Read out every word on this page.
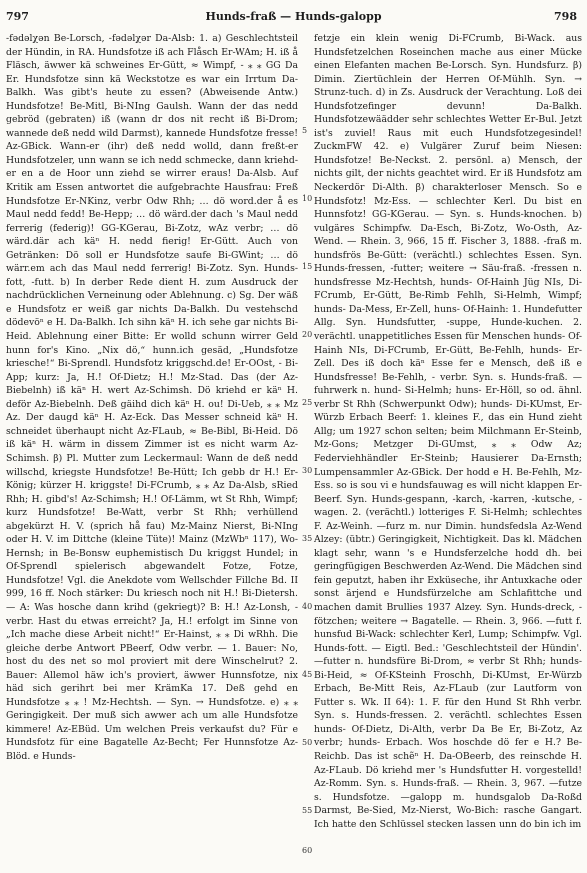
797	Hunds-fraß — Hunds-galopp	798

-fədəlχən Be-Lorsch, -fədəlχər Da-Alsb: 1. a) Geschlechtsteil der Hündin, in RA. Hundsfotze iß ach Flåsch Er-WAm; H. iß å Fläsch, äwwer kä schweines Er-Gütt, ≈ Wimpf, - ⁎ ⁎ GG Da Er. Hundsfotze sinn kä Weckstotze es war ein Irrtum Da-Balkh. Was gibt's heute zu essen? (Abweisende Antw.) Hundsfotze! Be-Mitl, Bi-NIng Gaulsh. Wann der das nedd gebröd (gebraten) iß (wann dr dos nit recht iß Bi-Drom; wannede deß nedd wild Darmst), kannede Hundsfotze fresse! Az-GBick. Wann-er (ihr) deß nedd wolld, dann freßt-er Hundsfotzeler, unn wann se ich nedd schmecke, dann kriehd-er en a de Hoor unn ziehd se wirrer eraus! Da-Alsb. Auf Kritik am Essen antwortet die aufgebrachte Hausfrau: Freß Hundsfotze Er-NKinz, verbr Odw Rhh; … dö word.der å es Maul nedd fedd! Be-Hepp; … dö wärd.der dach 's Maul nedd ferrerig (federig)! GG-KGerau, Bi-Zotz, wAz verbr; … dö wärd.där ach käⁿ H. nedd fierig! Er-Gütt. Auch von Getränken: Dö soll er Hundsfotze saufe Bi-GWint; … dö wärr.em ach das Maul nedd ferrerig! Bi-Zotz. Syn. Hunds-fott, -futt. b) In derber Rede dient H. zum Ausdruck der nachdrücklichen Verneinung oder Ablehnung. c) Sg. Der wäß e Hundsfotz er weiß gar nichts Da-Balkh. Du vestehschd dödevöⁿ e H. Da-Balkh. Ich sihn käⁿ H. ich sehe gar nichts Bi-Heid. Ablehnung einer Bitte: Er wolld schunn wirrer Geld hunn for's Kino. „Nix dö,“ hunn.ich gesäd, „Hundsfotze kriesche!“ Bi-Sprendl. Hundsfotz kriggschd.de! Er-OOst, - Bi-App; kurz: Ja, H.! Of-Dietz; H.! Mz-Stad. Das (der Az-Biebelnh) iß käⁿ H. wert Az-Schimsh. Dö kriehd er käⁿ H. deför Az-Biebelnh. Deß gäihd dich käⁿ H. ou! Di-Ueb, ⁎ ⁎ Mz Az. Der daugd käⁿ H. Az-Eck. Das Messer schneid käⁿ H. schneidet überhaupt nicht Az-FLaub, ≈ Be-Bibl, Bi-Heid. Dö iß käⁿ H. wärm in dissem Zimmer ist es nicht warm Az-Schimsh. β) Pl. Mutter zum Leckermaul: Wann de deß nedd willschd, kriegste Hundsfotze! Be-Hütt; Ich gebb dr H.! Er-König; kürzer H. kriggste! Di-FCrumb, ⁎ ⁎ Az Da-Alsb, sRied Rhh; H. gibd's! Az-Schimsh; H.! Of-Lämm, wt St Rhh, Wimpf; kurz Hundsfotze! Be-Watt, verbr St Rhh; verhüllend abgekürzt H. V. (sprich hå fau) Mz-Mainz Nierst, Bi-NIng oder H. V. im Dittche (kleine Tüte)! Mainz (MzWbⁿ 117), Wo-Hernsh; in Be-Bonsw euphemistisch Du kriggst Hundel; in Of-Sprendl spielerisch abgewandelt Fotze, Fotze, Hundsfotze! Vgl. die Anekdote vom Wellschder Fillche Bd. II 999, 16 ff. Noch stärker: Du kriesch noch nit H.! Bi-Dietersh. — A: Was hosche dann krihd (gekriegt)? B: H.! Az-Lonsh, - verbr. Hast du etwas erreicht? Ja, H.! erfolgt im Sinne von „Ich mache diese Arbeit nicht!“ Er-Hainst, ⁎ ⁎ Di wRhh. Die gleiche derbe Antwort PBeerf, Odw verbr. — 1. Bauer: No, host du des net so mol proviert mit dere Winschelrut? 2. Bauer: Allemol häw ich's proviert, äwwer Hunnsfotze, nix häd sich gerihrt bei mer KrämKa 17. Deß gehd en Hundsfotze ⁎ ⁎ ! Mz-Hechtsh. — Syn. → Hundsfotze. e) ⁎ ⁎ Geringigkeit. Der muß sich awwer ach um alle Hundsfotze kimmere! Az-EBüd. Um welchen Preis verkaufst du? Für e Hundsfotz für eine Bagatelle Az-Becht; Fer Hunnsfotze Az-Blöd. e Hunds-

5
10
15
20
25
30
35
40
45
50
55
60

fetzje ein klein wenig Di-FCrumb, Bi-Wack. aus Hundsfetzelchen Roseinchen mache aus einer Mücke einen Elefanten machen Be-Lorsch. Syn. Hundsfurz. β) Dimin. Ziertüchlein der Herren Of-Mühlh. Syn. → Strunz-tuch. d) in Zs. Ausdruck der Verachtung. Loß dei Hundsfotzefinger devunn! Da-Balkh. Hundsfotzewäädder sehr schlechtes Wetter Er-Bul. Jetzt ist's zuviel! Raus mit euch Hundsfotzegesindel! ZuckmFW 42. e) Vulgärer Zuruf beim Niesen: Hundsfotze! Be-Neckst. 2. persönl. a) Mensch, der nichts gilt, der nichts geachtet wird. Er iß Hundsfotz am Neckerdör Di-Alth. β) charakterloser Mensch. So e Hundsfotz! Mz-Ess. — schlechter Kerl. Du bist en Hunnsfotz! GG-KGerau. — Syn. s. Hunds-knochen. b) vulgäres Schimpfw. Da-Esch, Bi-Zotz, Wo-Osth, Az-Wend. — Rhein. 3, 966, 15 ff. Fischer 3, 1888. -fraß m. hundsfrös Be-Gütt: (verächtl.) schlechtes Essen. Syn. Hunds-fressen, -futter; weitere → Säu-fraß. -fressen n. hundsfresse Mz-Hechtsh, hunds- Of-Hainh Jüg NIs, Di-FCrumb, Er-Gütt, Be-Rimb Fehlh, Si-Helmh, Wimpf; hunds- Da-Mess, Er-Zell, huns- Of-Hainh: 1. Hundefutter Allg. Syn. Hundsfutter, -suppe, Hunde-kuchen. 2. verächtl. unappetitliches Essen für Menschen hunds- Of-Hainh NIs, Di-FCrumb, Er-Gütt, Be-Fehlh, hunds- Er-Zell. Des iß doch käⁿ Esse fer e Mensch, deß iß e Hundsfresse! Be-Fehlh, - verbr. Syn. s. Hunds-fraß. —fuhrwerk n. hund- Si-Helmh; huns- Er-Höll, so od. ähnl. verbr St Rhh (Schwerpunkt Odw); hunds- Di-KUmst, Er-Würzb Erbach Beerf: 1. kleines F., das ein Hund zieht Allg; um 1927 schon selten; beim Milchmann Er-Steinb, Mz-Gons; Metzger Di-GUmst, ⁎ ⁎ Odw Az; Federviehhändler Er-Steinb; Hausierer Da-Ernsth; Lumpensammler Az-GBick. Der hodd e H. Be-Fehlh, Mz-Ess. so is sou vi e hundsfauwag es will nicht klappen Er-Beerf. Syn. Hunds-gespann, -karch, -karren, -kutsche, -wagen. 2. (verächtl.) lotteriges F. Si-Helmh; schlechtes F. Az-Weinh. —furz m. nur Dimin. hundsfedsla Az-Wend Alzey: (übtr.) Geringigkeit, Nichtigkeit. Das kl. Mädchen klagt sehr, wann 's e Hundsferzelche hodd dh. bei geringfügigen Beschwerden Az-Wend. Die Mädchen sind fein geputzt, haben ihr Exküseche, ihr Antuxkache oder sonst ärjend e Hundsfürzelche am Schlafittche und machen damit Brullies 1937 Alzey. Syn. Hunds-dreck, -fötzchen; weitere → Bagatelle. — Rhein. 3, 966. —futt f. hunsfud Bi-Wack: schlechter Kerl, Lump; Schimpfw. Vgl. Hunds-fott. — Eigtl. Bed.: 'Geschlechtsteil der Hündin'. —futter n. hundsfüre Bi-Drom, ≈ verbr St Rhh; hunds- Bi-Heid, ≈ Of-KSteinh Froschh, Di-KUmst, Er-Würzb Erbach, Be-Mitt Reis, Az-FLaub (zur Lautform von Futter s. Wk. II 64): 1. F. für den Hund St Rhh verbr. Syn. s. Hunds-fressen. 2. verächtl. schlechtes Essen hunds- Of-Dietz, Di-Alth, verbr Da Be Er, Bi-Zotz, Az verbr; hunds- Erbach. Wos hoschde dö fer e H.? Be-Reichb. Das ist schẽⁿ H. Da-OBeerb, des reinschde H. Az-FLaub. Dö kriehd mer 's Hundsfutter H. vorgestelld! Az-Romm. Syn. s. Hunds-fraß. — Rhein. 3, 967. —futze s. Hundsfotze. —galopp m. hundsgalob Da-Roßd Darmst, Be-Sied, Mz-Nierst, Wo-Bich: rasche Gangart. Ich hatte den Schlüssel stecken lassen unn do bin ich im
